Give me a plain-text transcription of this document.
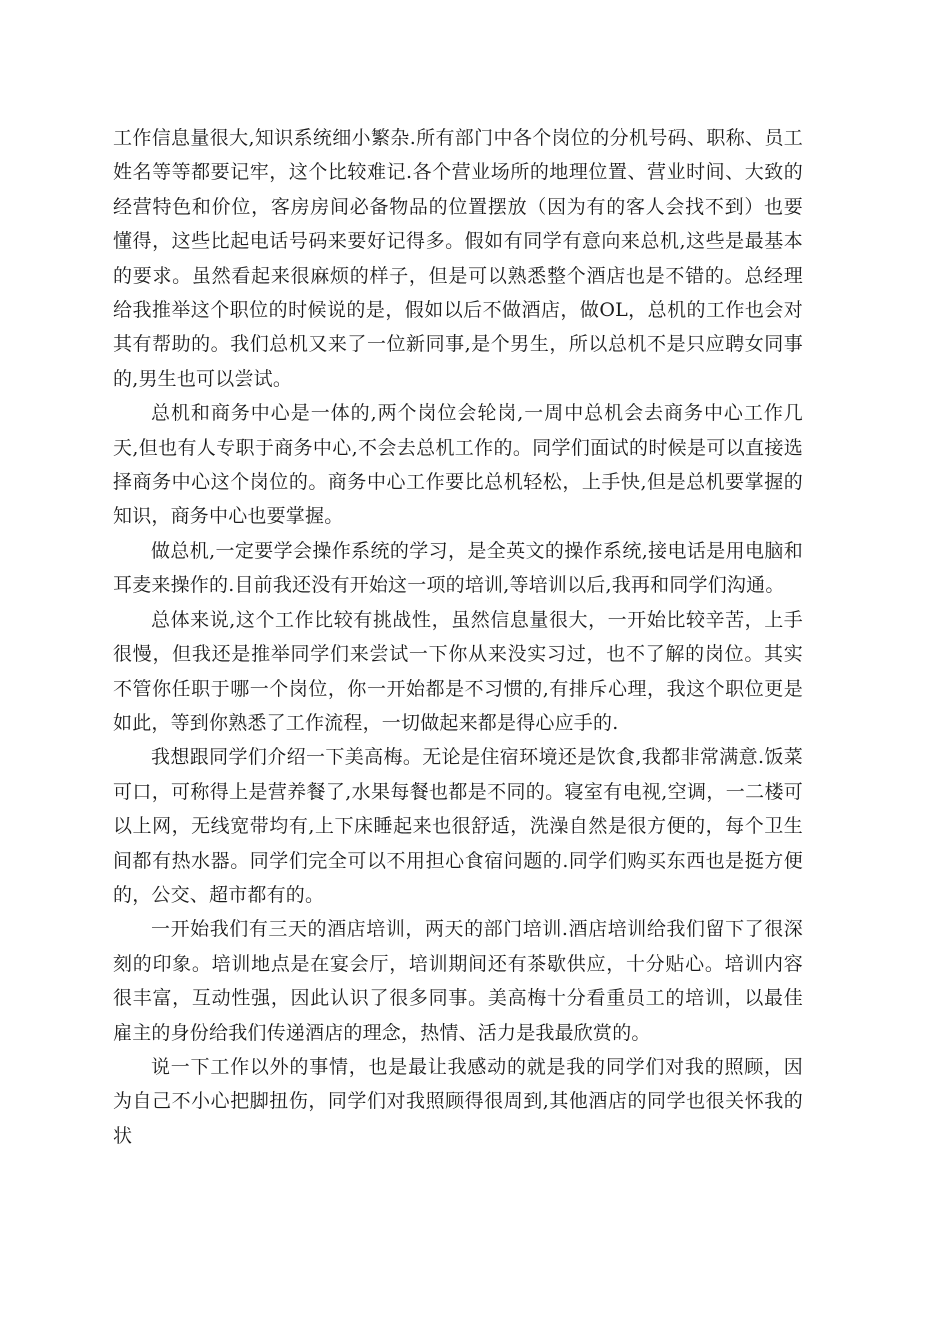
工作信息量很大,知识系统细小繁杂.所有部门中各个岗位的分机号码、职称、员工姓名等等都要记牢，这个比较难记.各个营业场所的地理位置、营业时间、大致的经营特色和价位，客房房间必备物品的位置摆放（因为有的客人会找不到）也要懂得，这些比起电话号码来要好记得多。假如有同学有意向来总机,这些是最基本的要求。虽然看起来很麻烦的样子，但是可以熟悉整个酒店也是不错的。总经理给我推举这个职位的时候说的是，假如以后不做酒店，做OL，总机的工作也会对其有帮助的。我们总机又来了一位新同事,是个男生，所以总机不是只应聘女同事的,男生也可以尝试。

总机和商务中心是一体的,两个岗位会轮岗,一周中总机会去商务中心工作几天,但也有人专职于商务中心,不会去总机工作的。同学们面试的时候是可以直接选择商务中心这个岗位的。商务中心工作要比总机轻松，上手快,但是总机要掌握的知识，商务中心也要掌握。

做总机,一定要学会操作系统的学习，是全英文的操作系统,接电话是用电脑和耳麦来操作的.目前我还没有开始这一项的培训,等培训以后,我再和同学们沟通。

总体来说,这个工作比较有挑战性，虽然信息量很大，一开始比较辛苦，上手很慢，但我还是推举同学们来尝试一下你从来没实习过，也不了解的岗位。其实不管你任职于哪一个岗位，你一开始都是不习惯的,有排斥心理，我这个职位更是如此，等到你熟悉了工作流程，一切做起来都是得心应手的.

我想跟同学们介绍一下美高梅。无论是住宿环境还是饮食,我都非常满意.饭菜可口，可称得上是营养餐了,水果每餐也都是不同的。寝室有电视,空调，一二楼可以上网，无线宽带均有,上下床睡起来也很舒适，洗澡自然是很方便的，每个卫生间都有热水器。同学们完全可以不用担心食宿问题的.同学们购买东西也是挺方便的，公交、超市都有的。

一开始我们有三天的酒店培训，两天的部门培训.酒店培训给我们留下了很深刻的印象。培训地点是在宴会厅，培训期间还有茶歇供应，十分贴心。培训内容很丰富，互动性强，因此认识了很多同事。美高梅十分看重员工的培训，以最佳雇主的身份给我们传递酒店的理念，热情、活力是我最欣赏的。

说一下工作以外的事情，也是最让我感动的就是我的同学们对我的照顾，因为自己不小心把脚扭伤，同学们对我照顾得很周到,其他酒店的同学也很关怀我的状
